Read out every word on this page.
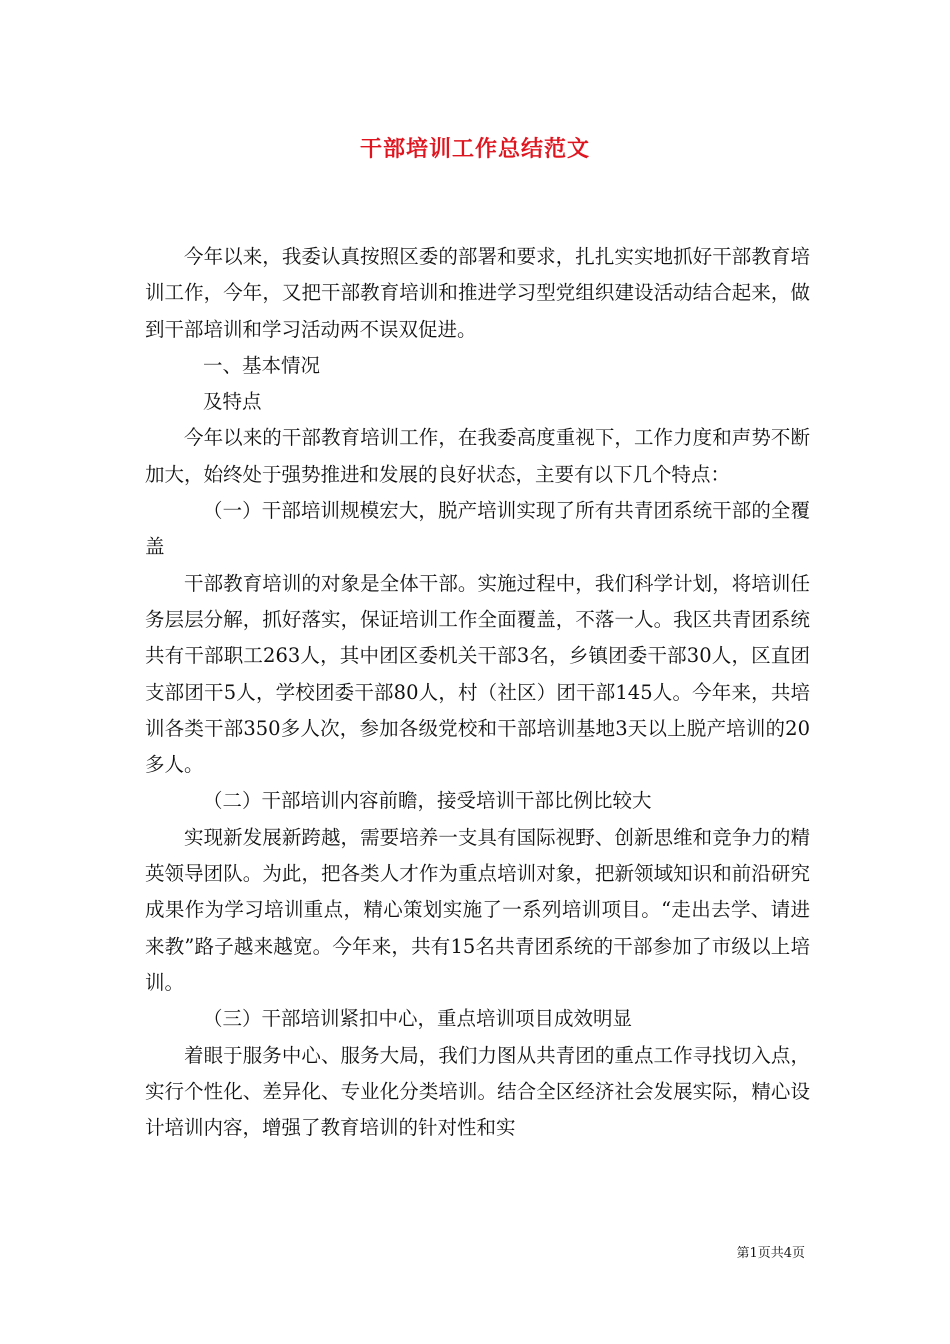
干部培训工作总结范文

今年以来，我委认真按照区委的部署和要求，扎扎实实地抓好干部教育培训工作，今年，又把干部教育培训和推进学习型党组织建设活动结合起来，做到干部培训和学习活动两不误双促进。

一、基本情况

及特点

今年以来的干部教育培训工作，在我委高度重视下，工作力度和声势不断加大，始终处于强势推进和发展的良好状态，主要有以下几个特点：

（一）干部培训规模宏大，脱产培训实现了所有共青团系统干部的全覆盖

干部教育培训的对象是全体干部。实施过程中，我们科学计划，将培训任务层层分解，抓好落实，保证培训工作全面覆盖，不落一人。我区共青团系统共有干部职工263人，其中团区委机关干部3名，乡镇团委干部30人，区直团支部团干5人，学校团委干部80人，村（社区）团干部145人。今年来，共培训各类干部350多人次，参加各级党校和干部培训基地3天以上脱产培训的20多人。

（二）干部培训内容前瞻，接受培训干部比例比较大

实现新发展新跨越，需要培养一支具有国际视野、创新思维和竞争力的精英领导团队。为此，把各类人才作为重点培训对象，把新领域知识和前沿研究成果作为学习培训重点，精心策划实施了一系列培训项目。“走出去学、请进来教”路子越来越宽。今年来，共有15名共青团系统的干部参加了市级以上培训。

（三）干部培训紧扣中心，重点培训项目成效明显

着眼于服务中心、服务大局，我们力图从共青团的重点工作寻找切入点，实行个性化、差异化、专业化分类培训。结合全区经济社会发展实际，精心设计培训内容，增强了教育培训的针对性和实

第1页共4页
